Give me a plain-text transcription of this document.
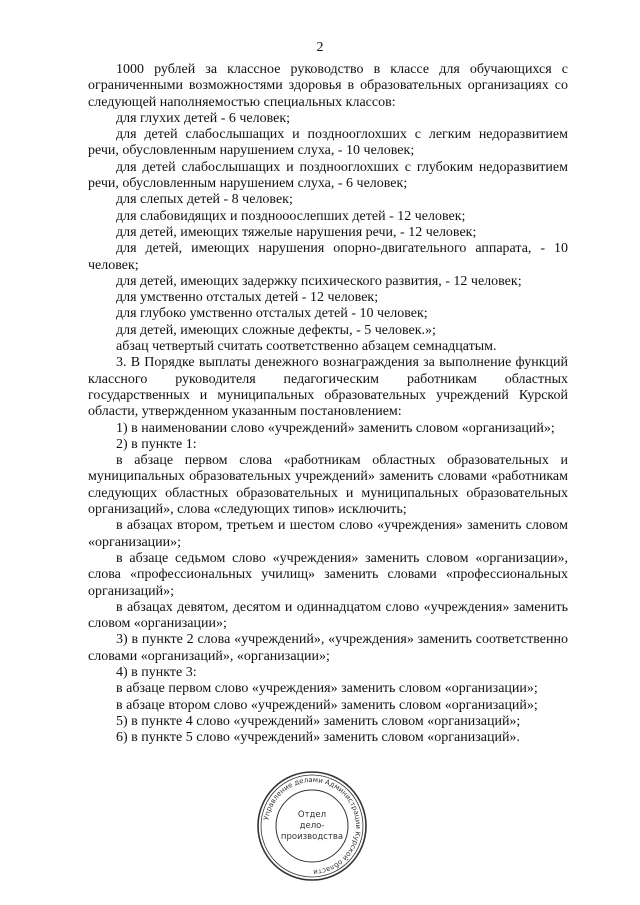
2

1000 рублей за классное руководство в классе для обучающихся с ограниченными возможностями здоровья в образовательных организациях со следующей наполняемостью специальных классов:

для глухих детей - 6 человек;

для детей слабослышащих и позднооглохших с легким недоразвитием речи, обусловленным нарушением слуха, - 10 человек;

для детей слабослышащих и позднооглохших с глубоким недоразвитием речи, обусловленным нарушением слуха, - 6 человек;

для слепых детей - 8 человек;

для слабовидящих и позднооослепших детей - 12 человек;

для детей, имеющих тяжелые нарушения речи, - 12 человек;

для детей, имеющих нарушения опорно-двигательного аппарата, - 10 человек;

для детей, имеющих задержку психического развития, - 12 человек;

для умственно отсталых детей - 12 человек;

для глубоко умственно отсталых детей - 10 человек;

для детей, имеющих сложные дефекты, - 5 человек.»;

абзац четвертый считать соответственно абзацем семнадцатым.

3. В Порядке выплаты денежного вознаграждения за выполнение функций классного руководителя педагогическим работникам областных государственных и муниципальных образовательных учреждений Курской области, утвержденном указанным постановлением:

1) в наименовании слово «учреждений» заменить словом «организаций»;

2) в пункте 1:

в абзаце первом слова «работникам областных образовательных и муниципальных образовательных учреждений» заменить словами «работникам следующих областных образовательных и муниципальных образовательных организаций», слова «следующих типов» исключить;

в абзацах втором, третьем и шестом слово «учреждения» заменить словом «организации»;

в абзаце седьмом слово «учреждения» заменить словом «организации», слова «профессиональных училищ» заменить словами «профессиональных организаций»;

в абзацах девятом, десятом и одиннадцатом слово «учреждения» заменить словом «организации»;

3) в пункте 2 слова «учреждений», «учреждения» заменить соответственно словами «организаций», «организации»;

4) в пункте 3:

в абзаце первом слово «учреждения» заменить словом «организации»;

в абзаце втором слово «учреждений» заменить словом «организаций»;

5) в пункте 4 слово «учреждений» заменить словом «организаций»;

6) в пункте 5 слово «учреждений» заменить словом «организаций».

Управление делами Администрации Курской области
Отдел
дело-
производства
